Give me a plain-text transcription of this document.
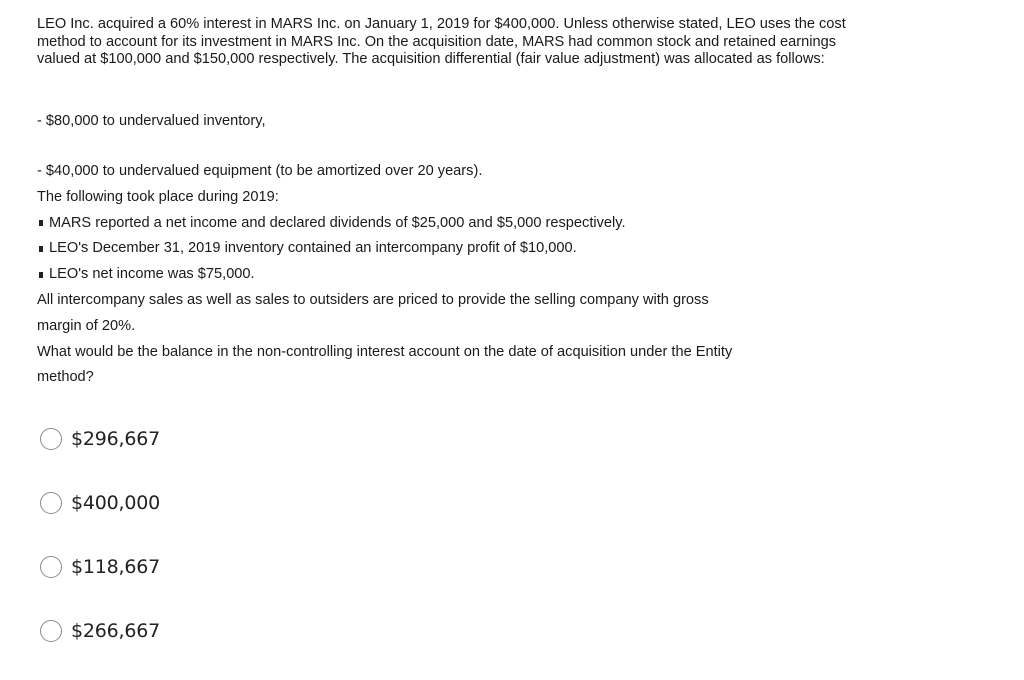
LEO Inc. acquired a 60% interest in MARS Inc. on January 1, 2019 for $400,000. Unless otherwise stated, LEO uses the cost method to account for its investment in MARS Inc. On the acquisition date, MARS had common stock and retained earnings valued at $100,000 and $150,000 respectively. The acquisition differential (fair value adjustment) was allocated as follows:

- $80,000 to undervalued inventory,

- $40,000 to undervalued equipment (to be amortized over 20 years).

The following took place during 2019:

MARS reported a net income and declared dividends of $25,000 and $5,000 respectively.
LEO's December 31, 2019 inventory contained an intercompany profit of $10,000.
LEO's net income was $75,000.

All intercompany sales as well as sales to outsiders are priced to provide the selling company with gross

margin of 20%.

What would be the balance in the non-controlling interest account on the date of acquisition under the Entity

method?

$296,667
$400,000
$118,667
$266,667
